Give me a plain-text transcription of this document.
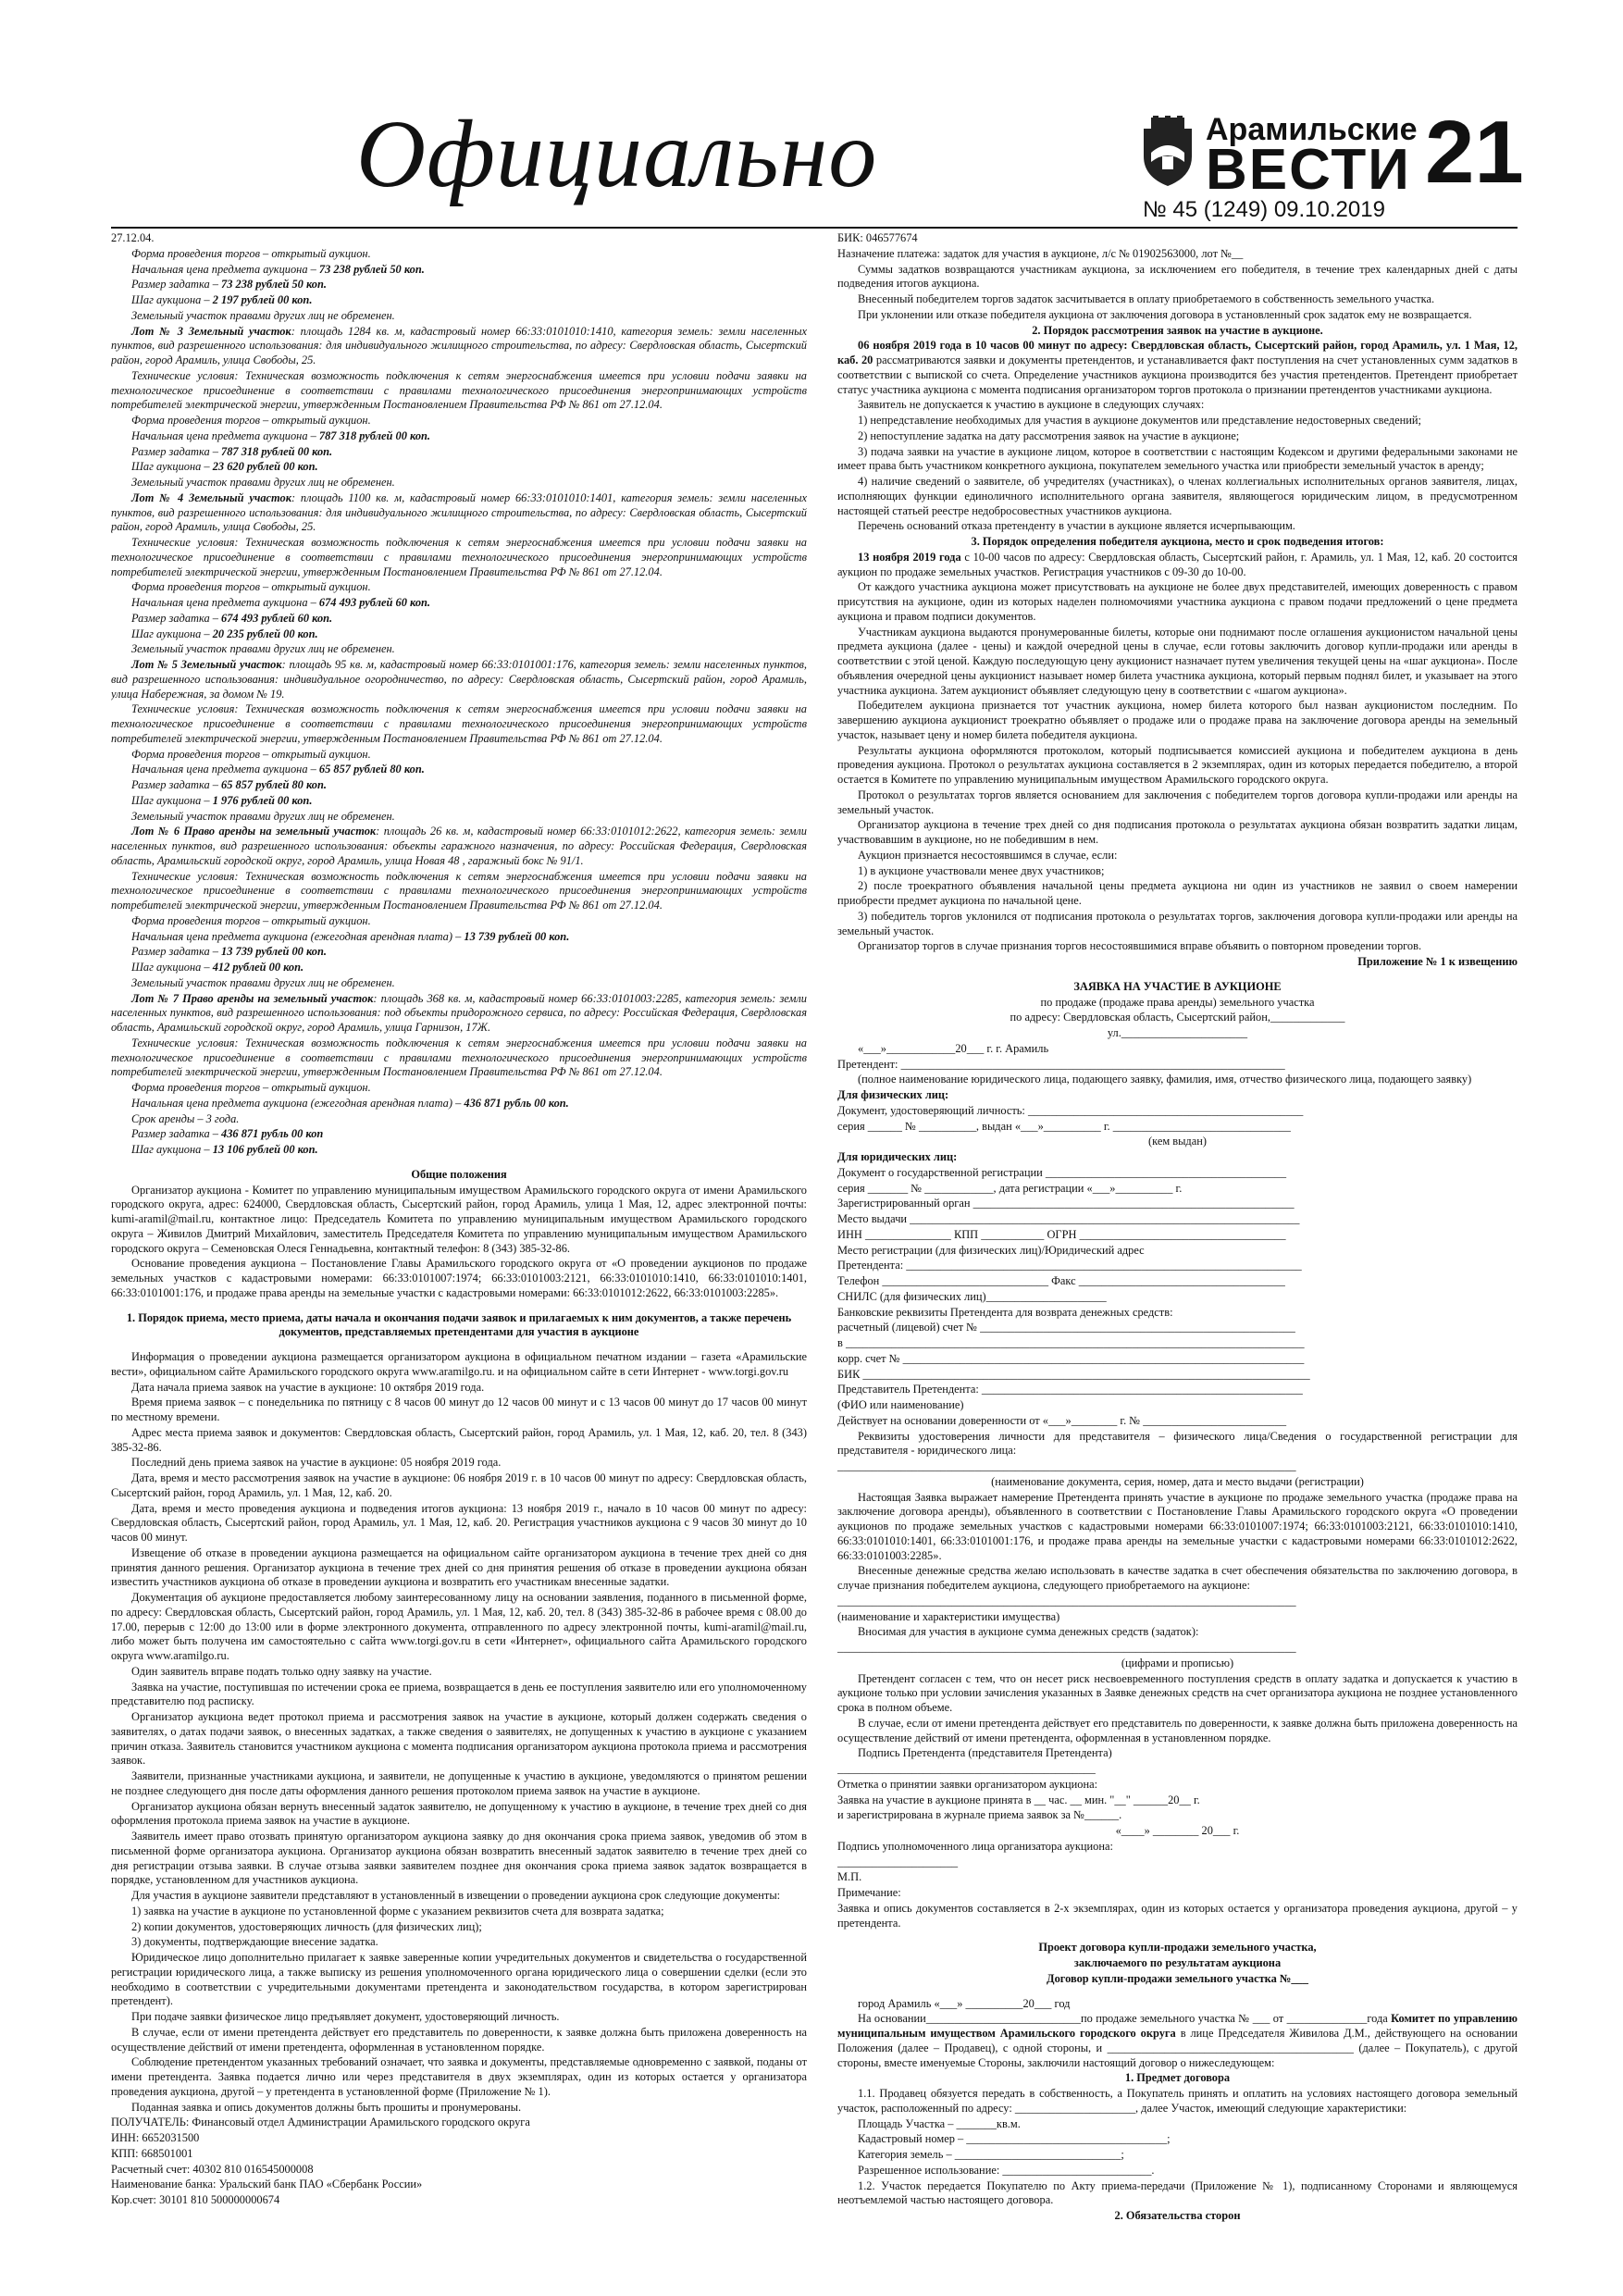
Официально	Арамильские
ВЕСТИ 21
№ 45 (1249) 09.10.2019

27.12.04.

Форма проведения торгов – открытый аукцион.

Начальная цена предмета аукциона – 73 238 рублей 50 коп.

Размер задатка – 73 238 рублей 50 коп.

Шаг аукциона – 2 197 рублей 00 коп.

Земельный участок правами других лиц не обременен.

Лот № 3 Земельный участок: площадь 1284 кв. м, кадастровый номер 66:33:0101010:1410, категория земель: земли населенных пунктов, вид разрешенного использования: для индивидуального жилищного строительства, по адресу: Свердловская область, Сысертский район, город Арамиль, улица Свободы, 25.

Технические условия: Техническая возможность подключения к сетям энергоснабжения имеется при условии подачи заявки на технологическое присоединение в соответствии с правилами технологического присоединения энергопринимающих устройств потребителей электрической энергии, утвержденным Постановлением Правительства РФ № 861 от 27.12.04.

Форма проведения торгов – открытый аукцион.

Начальная цена предмета аукциона – 787 318 рублей 00 коп.

Размер задатка – 787 318 рублей 00 коп.

Шаг аукциона – 23 620 рублей 00 коп.

Земельный участок правами других лиц не обременен.

Лот № 4 Земельный участок: площадь 1100 кв. м, кадастровый номер 66:33:0101010:1401, категория земель: земли населенных пунктов, вид разрешенного использования: для индивидуального жилищного строительства, по адресу: Свердловская область, Сысертский район, город Арамиль, улица Свободы, 25.

Технические условия: Техническая возможность подключения к сетям энергоснабжения имеется при условии подачи заявки на технологическое присоединение в соответствии с правилами технологического присоединения энергопринимающих устройств потребителей электрической энергии, утвержденным Постановлением Правительства РФ № 861 от 27.12.04.

Форма проведения торгов – открытый аукцион.

Начальная цена предмета аукциона – 674 493 рублей 60 коп.

Размер задатка – 674 493 рублей 60 коп.

Шаг аукциона – 20 235 рублей 00 коп.

Земельный участок правами других лиц не обременен.

Лот № 5 Земельный участок: площадь 95 кв. м, кадастровый номер 66:33:0101001:176, категория земель: земли населенных пунктов, вид разрешенного использования: индивидуальное огородничество, по адресу: Свердловская область, Сысертский район, город Арамиль, улица Набережная, за домом № 19.

Технические условия: Техническая возможность подключения к сетям энергоснабжения имеется при условии подачи заявки на технологическое присоединение в соответствии с правилами технологического присоединения энергопринимающих устройств потребителей электрической энергии, утвержденным Постановлением Правительства РФ № 861 от 27.12.04.

Форма проведения торгов – открытый аукцион.

Начальная цена предмета аукциона – 65 857 рублей 80 коп.

Размер задатка – 65 857 рублей 80 коп.

Шаг аукциона – 1 976 рублей 00 коп.

Земельный участок правами других лиц не обременен.

Лот № 6 Право аренды на земельный участок: площадь 26 кв. м, кадастровый номер 66:33:0101012:2622, категория земель: земли населенных пунктов, вид разрешенного использования: объекты гаражного назначения, по адресу: Российская Федерация, Свердловская область, Арамильский городской округ, город Арамиль, улица Новая 48 , гаражный бокс № 91/1.

Технические условия: Техническая возможность подключения к сетям энергоснабжения имеется при условии подачи заявки на технологическое присоединение в соответствии с правилами технологического присоединения энергопринимающих устройств потребителей электрической энергии, утвержденным Постановлением Правительства РФ № 861 от 27.12.04.

Форма проведения торгов – открытый аукцион.

Начальная цена предмета аукциона (ежегодная арендная плата) – 13 739 рублей 00 коп.

Размер задатка – 13 739 рублей 00 коп.

Шаг аукциона – 412 рублей 00 коп.

Земельный участок правами других лиц не обременен.

Лот № 7 Право аренды на земельный участок: площадь 368 кв. м, кадастровый номер 66:33:0101003:2285, категория земель: земли населенных пунктов, вид разрешенного использования: под объекты придорожного сервиса, по адресу: Российская Федерация, Свердловская область, Арамильский городской округ, город Арамиль, улица Гарнизон, 17Ж.

Технические условия: Техническая возможность подключения к сетям энергоснабжения имеется при условии подачи заявки на технологическое присоединение в соответствии с правилами технологического присоединения энергопринимающих устройств потребителей электрической энергии, утвержденным Постановлением Правительства РФ № 861 от 27.12.04.

Форма проведения торгов – открытый аукцион.

Начальная цена предмета аукциона (ежегодная арендная плата) – 436 871 рубль 00 коп.

Срок аренды – 3 года.

Размер задатка – 436 871 рубль 00 коп

Шаг аукциона – 13 106 рублей 00 коп.

Общие положения

Организатор аукциона - Комитет по управлению муниципальным имуществом Арамильского городского округа от имени Арамильского городского округа, адрес: 624000, Свердловская область, Сысертский район, город Арамиль, улица 1 Мая, 12, адрес электронной почты: kumi-aramil@mail.ru, контактное лицо: Председатель Комитета по управлению муниципальным имуществом Арамильского городского округа – Живилов Дмитрий Михайлович, заместитель Председателя Комитета по управлению муниципальным имуществом Арамильского городского округа – Семеновская Олеся Геннадьевна, контактный телефон: 8 (343) 385-32-86.

Основание проведения аукциона – Постановление Главы Арамильского городского округа от «О проведении аукционов по продаже земельных участков с кадастровыми номерами: 66:33:0101007:1974; 66:33:0101003:2121, 66:33:0101010:1410, 66:33:0101010:1401, 66:33:0101001:176, и продаже права аренды на земельные участки с кадастровыми номерами: 66:33:0101012:2622, 66:33:0101003:2285».

1. Порядок приема, место приема, даты начала и окончания подачи заявок и прилагаемых к ним документов, а также перечень документов, представляемых претендентами для участия в аукционе

Информация о проведении аукциона размещается организатором аукциона в официальном печатном издании – газета «Арамильские вести», официальном сайте Арамильского городского округа www.aramilgo.ru. и на официальном сайте в сети Интернет - www.torgi.gov.ru

Дата начала приема заявок на участие в аукционе: 10 октября 2019 года.

Время приема заявок – с понедельника по пятницу с 8 часов 00 минут до 12 часов 00 минут и с 13 часов 00 минут до 17 часов 00 минут по местному времени.

Адрес места приема заявок и документов: Свердловская область, Сысертский район, город Арамиль, ул. 1 Мая, 12, каб. 20, тел. 8 (343) 385-32-86.

Последний день приема заявок на участие в аукционе: 05 ноября 2019 года.

Дата, время и место рассмотрения заявок на участие в аукционе: 06 ноября 2019 г. в 10 часов 00 минут по адресу: Свердловская область, Сысертский район, город Арамиль, ул. 1 Мая, 12, каб. 20.

Дата, время и место проведения аукциона и подведения итогов аукциона: 13 ноября 2019 г., начало в 10 часов 00 минут по адресу: Свердловская область, Сысертский район, город Арамиль, ул. 1 Мая, 12, каб. 20. Регистрация участников аукциона с 9 часов 30 минут до 10 часов 00 минут.

Извещение об отказе в проведении аукциона размещается на официальном сайте организатором аукциона в течение трех дней со дня принятия данного решения. Организатор аукциона в течение трех дней со дня принятия решения об отказе в проведении аукциона обязан известить участников аукциона об отказе в проведении аукциона и возвратить его участникам внесенные задатки.

Документация об аукционе предоставляется любому заинтересованному лицу на основании заявления, поданного в письменной форме, по адресу: Свердловская область, Сысертский район, город Арамиль, ул. 1 Мая, 12, каб. 20, тел. 8 (343) 385-32-86 в рабочее время с 08.00 до 17.00, перерыв с 12:00 до 13:00 или в форме электронного документа, отправленного по адресу электронной почты, kumi-aramil@mail.ru, либо может быть получена им самостоятельно с сайта www.torgi.gov.ru в сети «Интернет», официального сайта Арамильского городского округа www.aramilgo.ru.

Один заявитель вправе подать только одну заявку на участие.

Заявка на участие, поступившая по истечении срока ее приема, возвращается в день ее поступления заявителю или его уполномоченному представителю под расписку.

Организатор аукциона ведет протокол приема и рассмотрения заявок на участие в аукционе, который должен содержать сведения о заявителях, о датах подачи заявок, о внесенных задатках, а также сведения о заявителях, не допущенных к участию в аукционе с указанием причин отказа. Заявитель становится участником аукциона с момента подписания организатором аукциона протокола приема и рассмотрения заявок.

Заявители, признанные участниками аукциона, и заявители, не допущенные к участию в аукционе, уведомляются о принятом решении не позднее следующего дня после даты оформления данного решения протоколом приема заявок на участие в аукционе.

Организатор аукциона обязан вернуть внесенный задаток заявителю, не допущенному к участию в аукционе, в течение трех дней со дня оформления протокола приема заявок на участие в аукционе.

Заявитель имеет право отозвать принятую организатором аукциона заявку до дня окончания срока приема заявок, уведомив об этом в письменной форме организатора аукциона. Организатор аукциона обязан возвратить внесенный задаток заявителю в течение трех дней со дня регистрации отзыва заявки. В случае отзыва заявки заявителем позднее дня окончания срока приема заявок задаток возвращается в порядке, установленном для участников аукциона.

Для участия в аукционе заявители представляют в установленный в извещении о проведении аукциона срок следующие документы:

1) заявка на участие в аукционе по установленной форме с указанием реквизитов счета для возврата задатка;

2) копии документов, удостоверяющих личность (для физических лиц);

3) документы, подтверждающие внесение задатка.

Юридическое лицо дополнительно прилагает к заявке заверенные копии учредительных документов и свидетельства о государственной регистрации юридического лица, а также выписку из решения уполномоченного органа юридического лица о совершении сделки (если это необходимо в соответствии с учредительными документами претендента и законодательством государства, в котором зарегистрирован претендент).

При подаче заявки физическое лицо предъявляет документ, удостоверяющий личность.

В случае, если от имени претендента действует его представитель по доверенности, к заявке должна быть приложена доверенность на осуществление действий от имени претендента, оформленная в установленном порядке.

Соблюдение претендентом указанных требований означает, что заявка и документы, представляемые одновременно с заявкой, поданы от имени претендента. Заявка подается лично или через представителя в двух экземплярах, один из которых остается у организатора проведения аукциона, другой – у претендента в установленной форме (Приложение № 1).

Поданная заявка и опись документов должны быть прошиты и пронумерованы.

ПОЛУЧАТЕЛЬ: Финансовый отдел Администрации Арамильского городского округа

ИНН: 6652031500

КПП: 668501001

Расчетный счет: 40302 810 016545000008

Наименование банка: Уральский банк ПАО «Сбербанк России»

Кор.счет: 30101 810 500000000674

БИК: 046577674

Назначение платежа: задаток для участия в аукционе, л/с № 01902563000, лот №__

Суммы задатков возвращаются участникам аукциона, за исключением его победителя, в течение трех календарных дней с даты подведения итогов аукциона.

Внесенный победителем торгов задаток засчитывается в оплату приобретаемого в собственность земельного участка.

При уклонении или отказе победителя аукциона от заключения договора в установленный срок задаток ему не возвращается.

2. Порядок рассмотрения заявок на участие в аукционе.

06 ноября 2019 года в 10 часов 00 минут по адресу: Свердловская область, Сысертский район, город Арамиль, ул. 1 Мая, 12, каб. 20 рассматриваются заявки и документы претендентов, и устанавливается факт поступления на счет установленных сумм задатков в соответствии с выпиской со счета. Определение участников аукциона производится без участия претендентов. Претендент приобретает статус участника аукциона с момента подписания организатором торгов протокола о признании претендентов участниками аукциона.

Заявитель не допускается к участию в аукционе в следующих случаях:

1) непредставление необходимых для участия в аукционе документов или представление недостоверных сведений;

2) непоступление задатка на дату рассмотрения заявок на участие в аукционе;

3) подача заявки на участие в аукционе лицом, которое в соответствии с настоящим Кодексом и другими федеральными законами не имеет права быть участником конкретного аукциона, покупателем земельного участка или приобрести земельный участок в аренду;

4) наличие сведений о заявителе, об учредителях (участниках), о членах коллегиальных исполнительных органов заявителя, лицах, исполняющих функции единоличного исполнительного органа заявителя, являющегося юридическим лицом, в предусмотренном настоящей статьей реестре недобросовестных участников аукциона.

Перечень оснований отказа претенденту в участии в аукционе является исчерпывающим.

3. Порядок определения победителя аукциона, место и срок подведения итогов:

13 ноября 2019 года с 10-00 часов по адресу: Свердловская область, Сысертский район, г. Арамиль, ул. 1 Мая, 12, каб. 20 состоится аукцион по продаже земельных участков. Регистрация участников с 09-30 до 10-00.

От каждого участника аукциона может присутствовать на аукционе не более двух представителей, имеющих доверенность с правом присутствия на аукционе, один из которых наделен полномочиями участника аукциона с правом подачи предложений о цене предмета аукциона и правом подписи документов.

Участникам аукциона выдаются пронумерованные билеты, которые они поднимают после оглашения аукционистом начальной цены предмета аукциона (далее - цены) и каждой очередной цены в случае, если готовы заключить договор купли-продажи или аренды в соответствии с этой ценой. Каждую последующую цену аукционист назначает путем увеличения текущей цены на «шаг аукциона». После объявления очередной цены аукционист называет номер билета участника аукциона, который первым поднял билет, и указывает на этого участника аукциона. Затем аукционист объявляет следующую цену в соответствии с «шагом аукциона».

Победителем аукциона признается тот участник аукциона, номер билета которого был назван аукционистом последним. По завершению аукциона аукционист троекратно объявляет о продаже или о продаже права на заключение договора аренды на земельный участок, называет цену и номер билета победителя аукциона.

Результаты аукциона оформляются протоколом, который подписывается комиссией аукциона и победителем аукциона в день проведения аукциона. Протокол о результатах аукциона составляется в 2 экземплярах, один из которых передается победителю, а второй остается в Комитете по управлению муниципальным имуществом Арамильского городского округа.

Протокол о результатах торгов является основанием для заключения с победителем торгов договора купли-продажи или аренды на земельный участок.

Организатор аукциона в течение трех дней со дня подписания протокола о результатах аукциона обязан возвратить задатки лицам, участвовавшим в аукционе, но не победившим в нем.

Аукцион признается несостоявшимся в случае, если:

1) в аукционе участвовали менее двух участников;

2) после троекратного объявления начальной цены предмета аукциона ни один из участников не заявил о своем намерении приобрести предмет аукциона по начальной цене.

3) победитель торгов уклонился от подписания протокола о результатах торгов, заключения договора купли-продажи или аренды на земельный участок.

Организатор торгов в случае признания торгов несостоявшимися вправе объявить о повторном проведении торгов.

Приложение № 1 к извещению

ЗАЯВКА НА УЧАСТИЕ В АУКЦИОНЕ

по продаже (продаже права аренды) земельного участка

по адресу: Свердловская область, Сысертский район,_____________

ул.______________________

«___»____________20___ г. г. Арамиль

Претендент: ___________________________________________________________________

(полное наименование юридического лица, подающего заявку, фамилия, имя, отчество физического лица, подающего заявку)

Для физических лиц:

Документ, удостоверяющий личность: ________________________________________________

серия ______ № __________, выдан «___»__________ г. _______________________________

(кем выдан)

Для юридических лиц:

Документ о государственной регистрации __________________________________________

серия _______ № ____________, дата регистрации «___»__________ г.

Зарегистрированный орган ________________________________________________________

Место выдачи ____________________________________________________________________

ИНН _______________ КПП ___________ ОГРН ____________________________________

Место регистрации (для физических лиц)/Юридический адрес

Претендента: _____________________________________________________________________

Телефон _____________________________ Факс ____________________________________

СНИЛС (для физических лиц)_____________________

Банковские реквизиты Претендента для возврата денежных средств:

расчетный (лицевой) счет № _______________________________________________________

в ________________________________________________________________________________

корр. счет № ______________________________________________________________________

БИК ______________________________________________________________________________

Представитель Претендента: ________________________________________________________

(ФИО или наименование)

Действует на основании доверенности от «___»________ г. № _________________________

Реквизиты удостоверения личности для представителя – физического лица/Сведения о государственной регистрации для представителя - юридического лица:

________________________________________________________________________________

(наименование документа, серия, номер, дата и место выдачи (регистрации)

Настоящая Заявка выражает намерение Претендента принять участие в аукционе по продаже земельного участка (продаже права на заключение договора аренды), объявленного в соответствии с Постановление Главы Арамильского городского округа «О проведении аукционов по продаже земельных участков с кадастровыми номерами 66:33:0101007:1974; 66:33:0101003:2121, 66:33:0101010:1410, 66:33:0101010:1401, 66:33:0101001:176, и продаже права аренды на земельные участки с кадастровыми номерами 66:33:0101012:2622, 66:33:0101003:2285».

Внесенные денежные средства желаю использовать в качестве задатка в счет обеспечения обязательства по заключению договора, в случае признания победителем аукциона, следующего приобретаемого на аукционе:

________________________________________________________________________________

(наименование и характеристики имущества)

Вносимая для участия в аукционе сумма денежных средств (задаток):

________________________________________________________________________________

(цифрами и прописью)

Претендент согласен с тем, что он несет риск несвоевременного поступления средств в оплату задатка и допускается к участию в аукционе только при условии зачисления указанных в Заявке денежных средств на счет организатора аукциона не позднее установленного срока в полном объеме.

В случае, если от имени претендента действует его представитель по доверенности, к заявке должна быть приложена доверенность на осуществление действий от имени претендента, оформленная в установленном порядке.

Подпись Претендента (представителя Претендента)

_____________________________________________

Отметка о принятии заявки организатором аукциона:

Заявка на участие в аукционе принята в __ час. __ мин. "__" ______20__ г.

и зарегистрирована в журнале приема заявок за №______.

«____» ________ 20___ г.

Подпись уполномоченного лица организатора аукциона:

_____________________

М.П.

Примечание:

Заявка и опись документов составляется в 2-х экземплярах, один из которых остается у организатора проведения аукциона, другой – у претендента.

Проект договора купли-продажи земельного участка,

заключаемого по результатам аукциона

Договор купли-продажи земельного участка №___

город Арамиль «___» __________20___ год

На основании___________________________по продаже земельного участка № ___ от ______________года Комитет по управлению муниципальным имуществом Арамильского городского округа в лице Председателя Живилова Д.М., действующего на основании Положения (далее – Продавец), с одной стороны, и ___________________________________________ (далее – Покупатель), с другой стороны, вместе именуемые Стороны, заключили настоящий договор о нижеследующем:

1. Предмет договора

1.1. Продавец обязуется передать в собственность, а Покупатель принять и оплатить на условиях настоящего договора земельный участок, расположенный по адресу: _____________________, далее Участок, имеющий следующие характеристики:

Площадь Участка – _______кв.м.

Кадастровый номер – ___________________________________;

Категория земель – _____________________________;

Разрешенное использование: __________________________.

1.2. Участок передается Покупателю по Акту приема-передачи (Приложение № 1), подписанному Сторонами и являющемуся неотъемлемой частью настоящего договора.

2. Обязательства сторон
